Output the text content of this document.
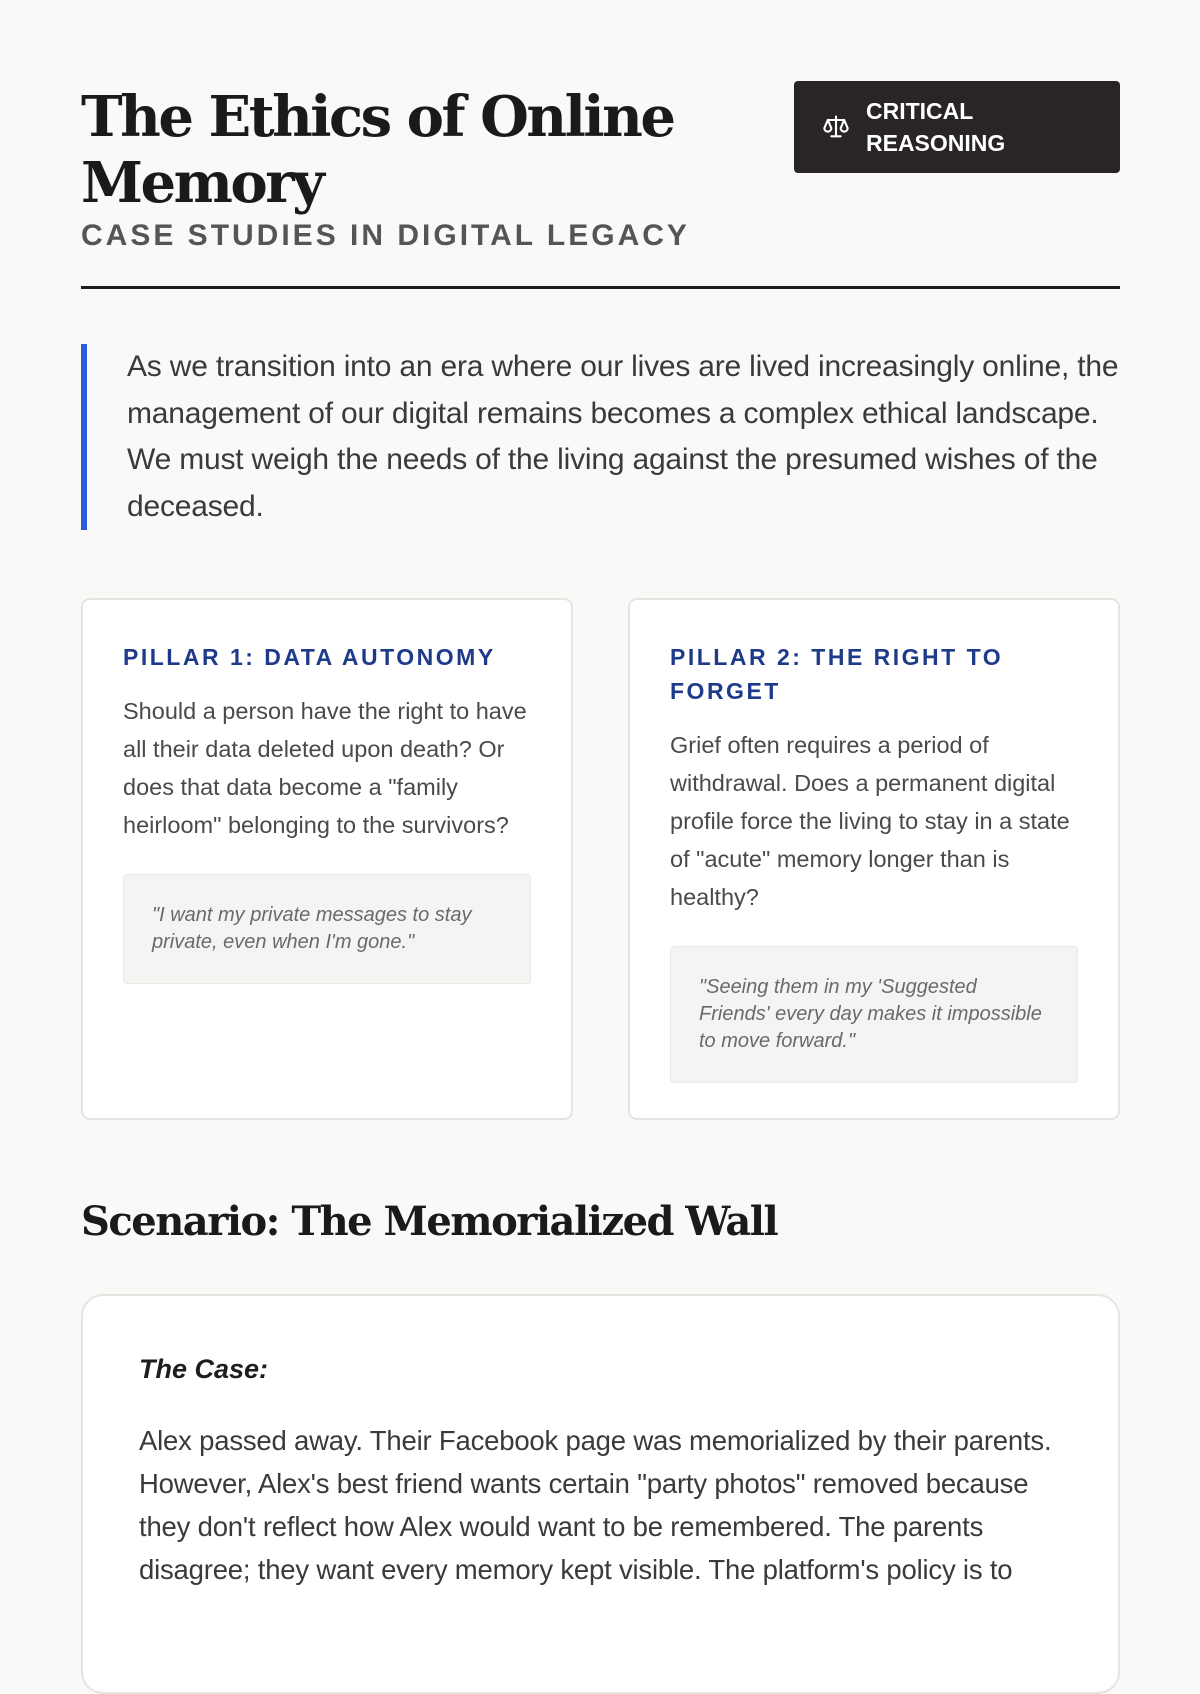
The Ethics of Online Memory
CASE STUDIES IN DIGITAL LEGACY
CRITICAL REASONING
As we transition into an era where our lives are lived increasingly online, the management of our digital remains becomes a complex ethical landscape. We must weigh the needs of the living against the presumed wishes of the deceased.
PILLAR 1: DATA AUTONOMY

Should a person have the right to have all their data deleted upon death? Or does that data become a "family heirloom" belonging to the survivors?

"I want my private messages to stay private, even when I'm gone."
PILLAR 2: THE RIGHT TO FORGET

Grief often requires a period of withdrawal. Does a permanent digital profile force the living to stay in a state of "acute" memory longer than is healthy?

"Seeing them in my 'Suggested Friends' every day makes it impossible to move forward."
Scenario: The Memorialized Wall

The Case:

Alex passed away. Their Facebook page was memorialized by their parents. However, Alex's best friend wants certain "party photos" removed because they don't reflect how Alex would want to be remembered. The parents disagree; they want every memory kept visible. The platform's policy is to
